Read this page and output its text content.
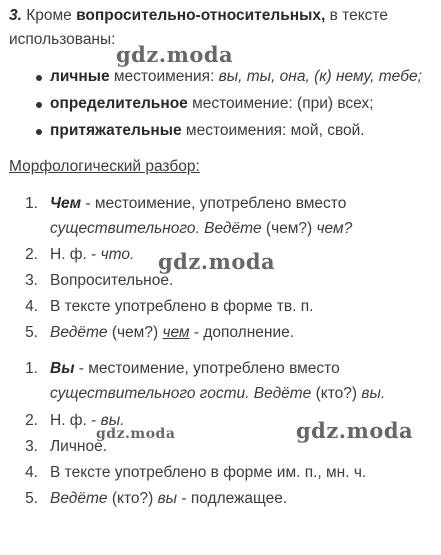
3. Кроме вопросительно-относительных, в тексте
использованы:
личные местоимения: вы, ты, она, (к) нему, тебе;
определительное местоимение: (при) всех;
притяжательные местоимения: мой, свой.
Морфологический разбор:
1. Чем - местоимение, употреблено вместо
существительного. Ведёте (чем?) чем?
2. Н. ф. - что.
3. Вопросительное.
4. В тексте употреблено в форме тв. п.
5. Ведёте (чем?) чем - дополнение.
1. Вы - местоимение, употреблено вместо
существительного гости. Ведёте (кто?) вы.
2. Н. ф. - вы.
3. Личное.
4. В тексте употреблено в форме им. п., мн. ч.
5. Ведёте (кто?) вы - подлежащее.
gdz.moda
gdz.moda
gdz.moda
gdz.moda
